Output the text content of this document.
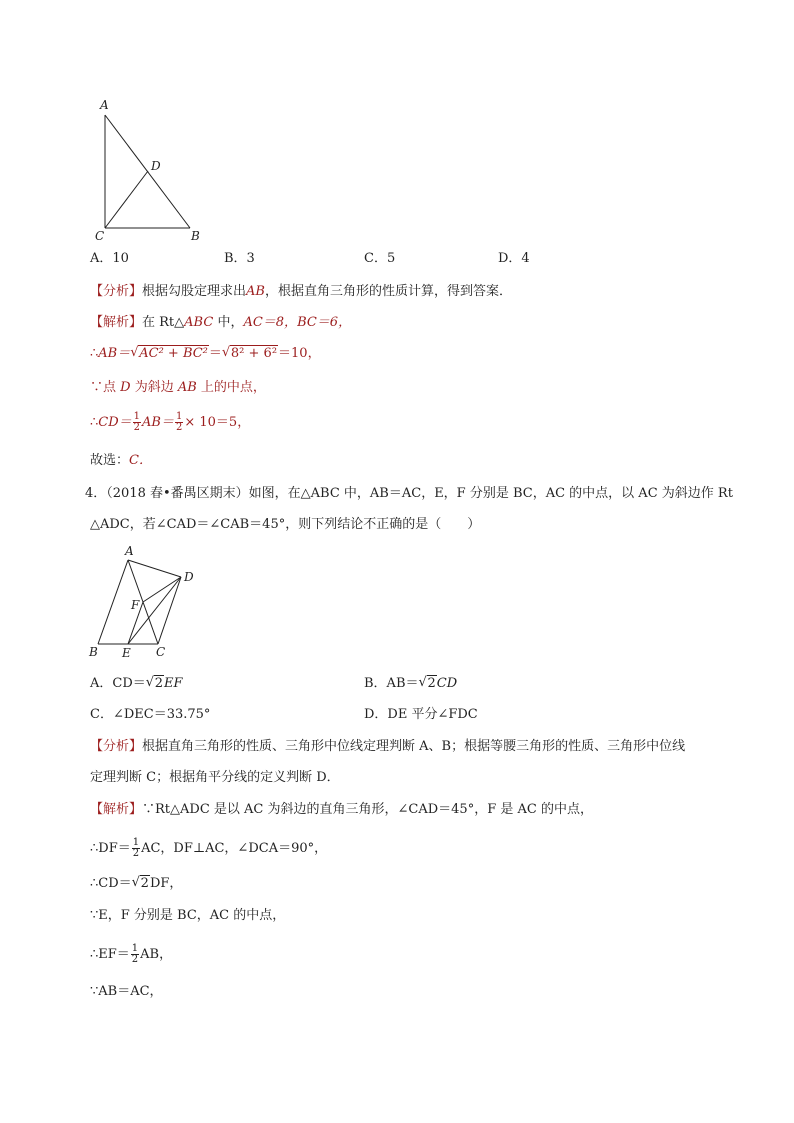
A
D
C	B
A．10	B．3	C．5	D．4
【分析】根据勾股定理求出AB，根据直角三角形的性质计算，得到答案．
【解析】在 Rt△ABC 中，AC＝8，BC＝6，
∴AB＝ √ AC² + BC²＝ √ 8² + 6²＝10，
∵点 D 为斜边 AB 上的中点，
∴CD＝ $\frac{1}{2} AB= \frac{1}{2} \times 10=5$，
故选：C．
4．（2018 春•番禺区期末）如图，在△ABC 中，AB＝AC，E，F 分别是 BC，AC 的中点，以 AC 为斜边作 Rt
△ADC，若∠CAD＝∠CAB＝45°，则下列结论不正确的是（　　）
A
D
F
B E C
A．CD＝ √ 2EF	B．AB＝ √ 2CD
C．∠DEC＝33.75°	D．DE 平分∠FDC
【分析】根据直角三角形的性质、三角形中位线定理判断 A、B；根据等腰三角形的性质、三角形中位线
定理判断 C；根据角平分线的定义判断 D．
【解析】∵Rt△ADC 是以 AC 为斜边的直角三角形，∠CAD＝45°，F 是 AC 的中点，
∴DF＝ $\frac{1}{2}$ AC，DF⊥AC，∠DCA＝90°，
∴CD＝ √ 2DF，
∵E，F 分别是 BC，AC 的中点，
∴EF＝ $\frac{1}{2}$ AB，
∵AB＝AC，
